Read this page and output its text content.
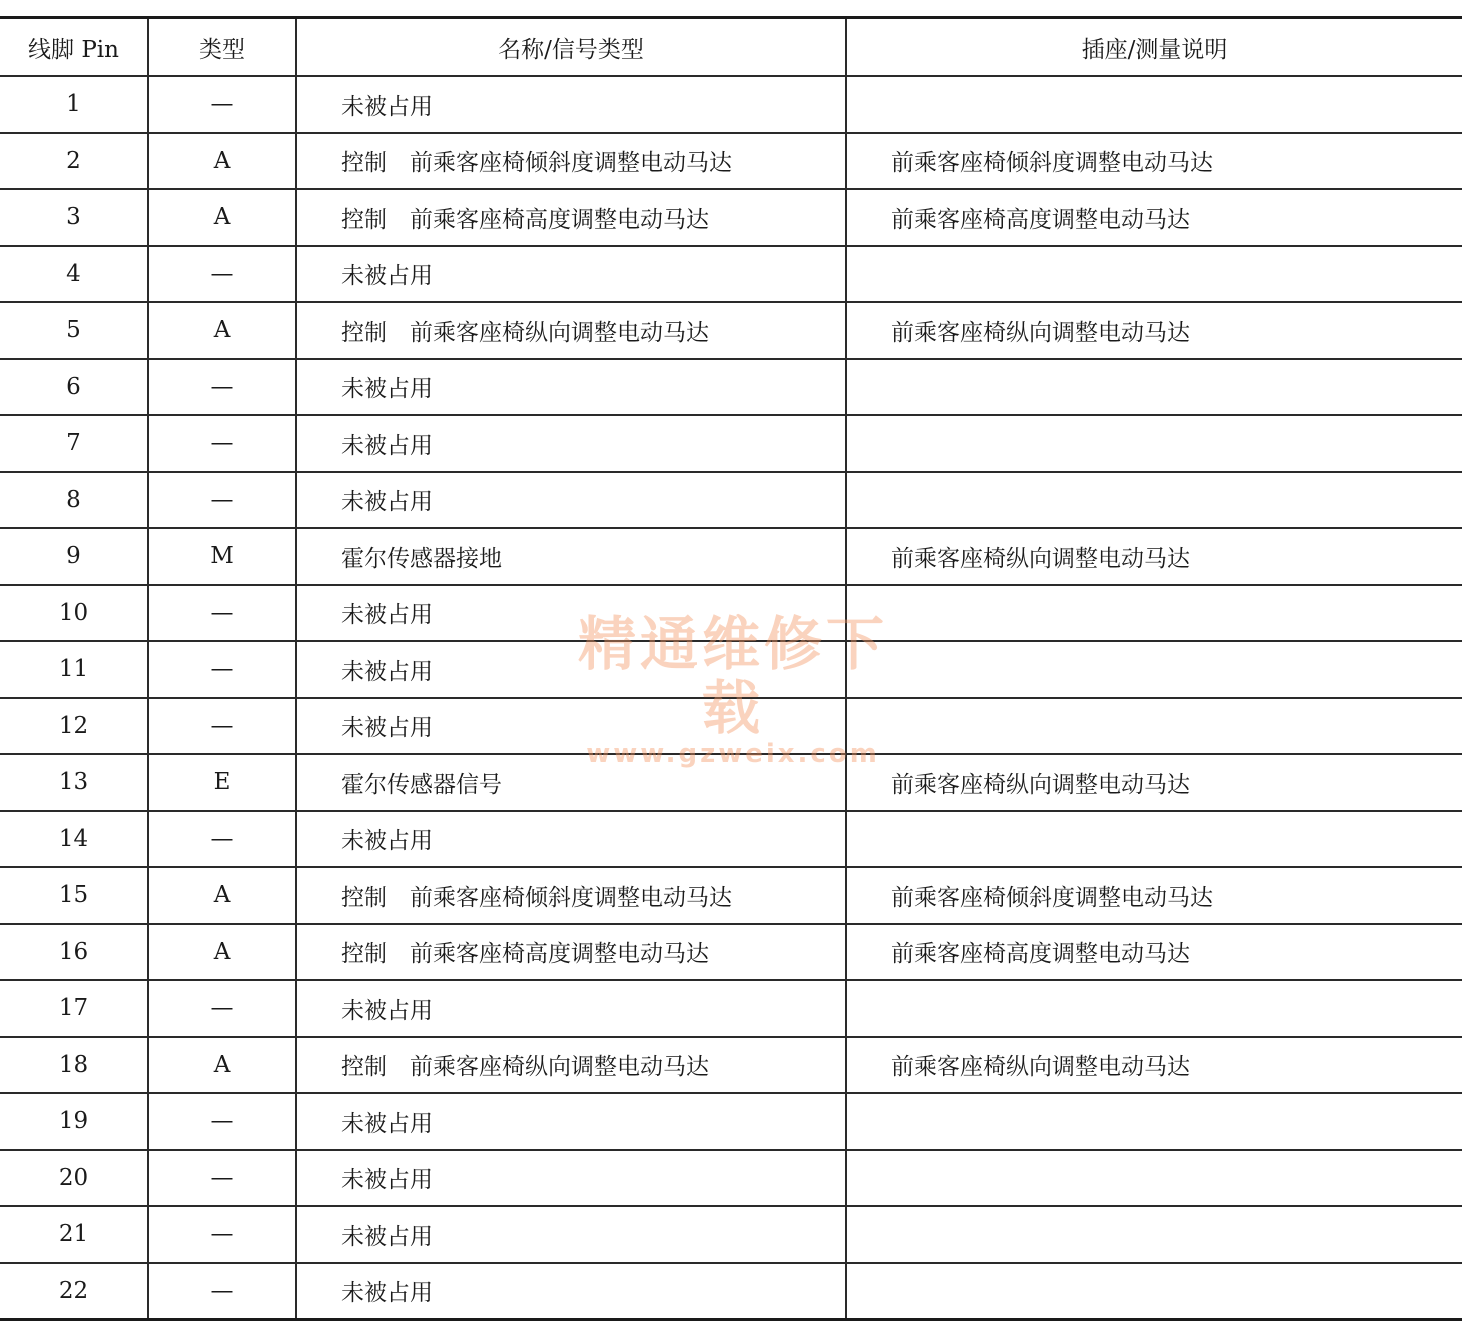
线脚 Pin	类型	名称/信号类型	插座/测量说明
1	—	未被占用	
2	A	控制　前乘客座椅倾斜度调整电动马达	前乘客座椅倾斜度调整电动马达
3	A	控制　前乘客座椅高度调整电动马达	前乘客座椅高度调整电动马达
4	—	未被占用	
5	A	控制　前乘客座椅纵向调整电动马达	前乘客座椅纵向调整电动马达
6	—	未被占用	
7	—	未被占用	
8	—	未被占用	
9	M	霍尔传感器接地	前乘客座椅纵向调整电动马达
10	—	未被占用	
11	—	未被占用	
12	—	未被占用	
13	E	霍尔传感器信号	前乘客座椅纵向调整电动马达
14	—	未被占用	
15	A	控制　前乘客座椅倾斜度调整电动马达	前乘客座椅倾斜度调整电动马达
16	A	控制　前乘客座椅高度调整电动马达	前乘客座椅高度调整电动马达
17	—	未被占用	
18	A	控制　前乘客座椅纵向调整电动马达	前乘客座椅纵向调整电动马达
19	—	未被占用	
20	—	未被占用	
21	—	未被占用	
22	—	未被占用	
精通维修下载
www.gzweix.com
